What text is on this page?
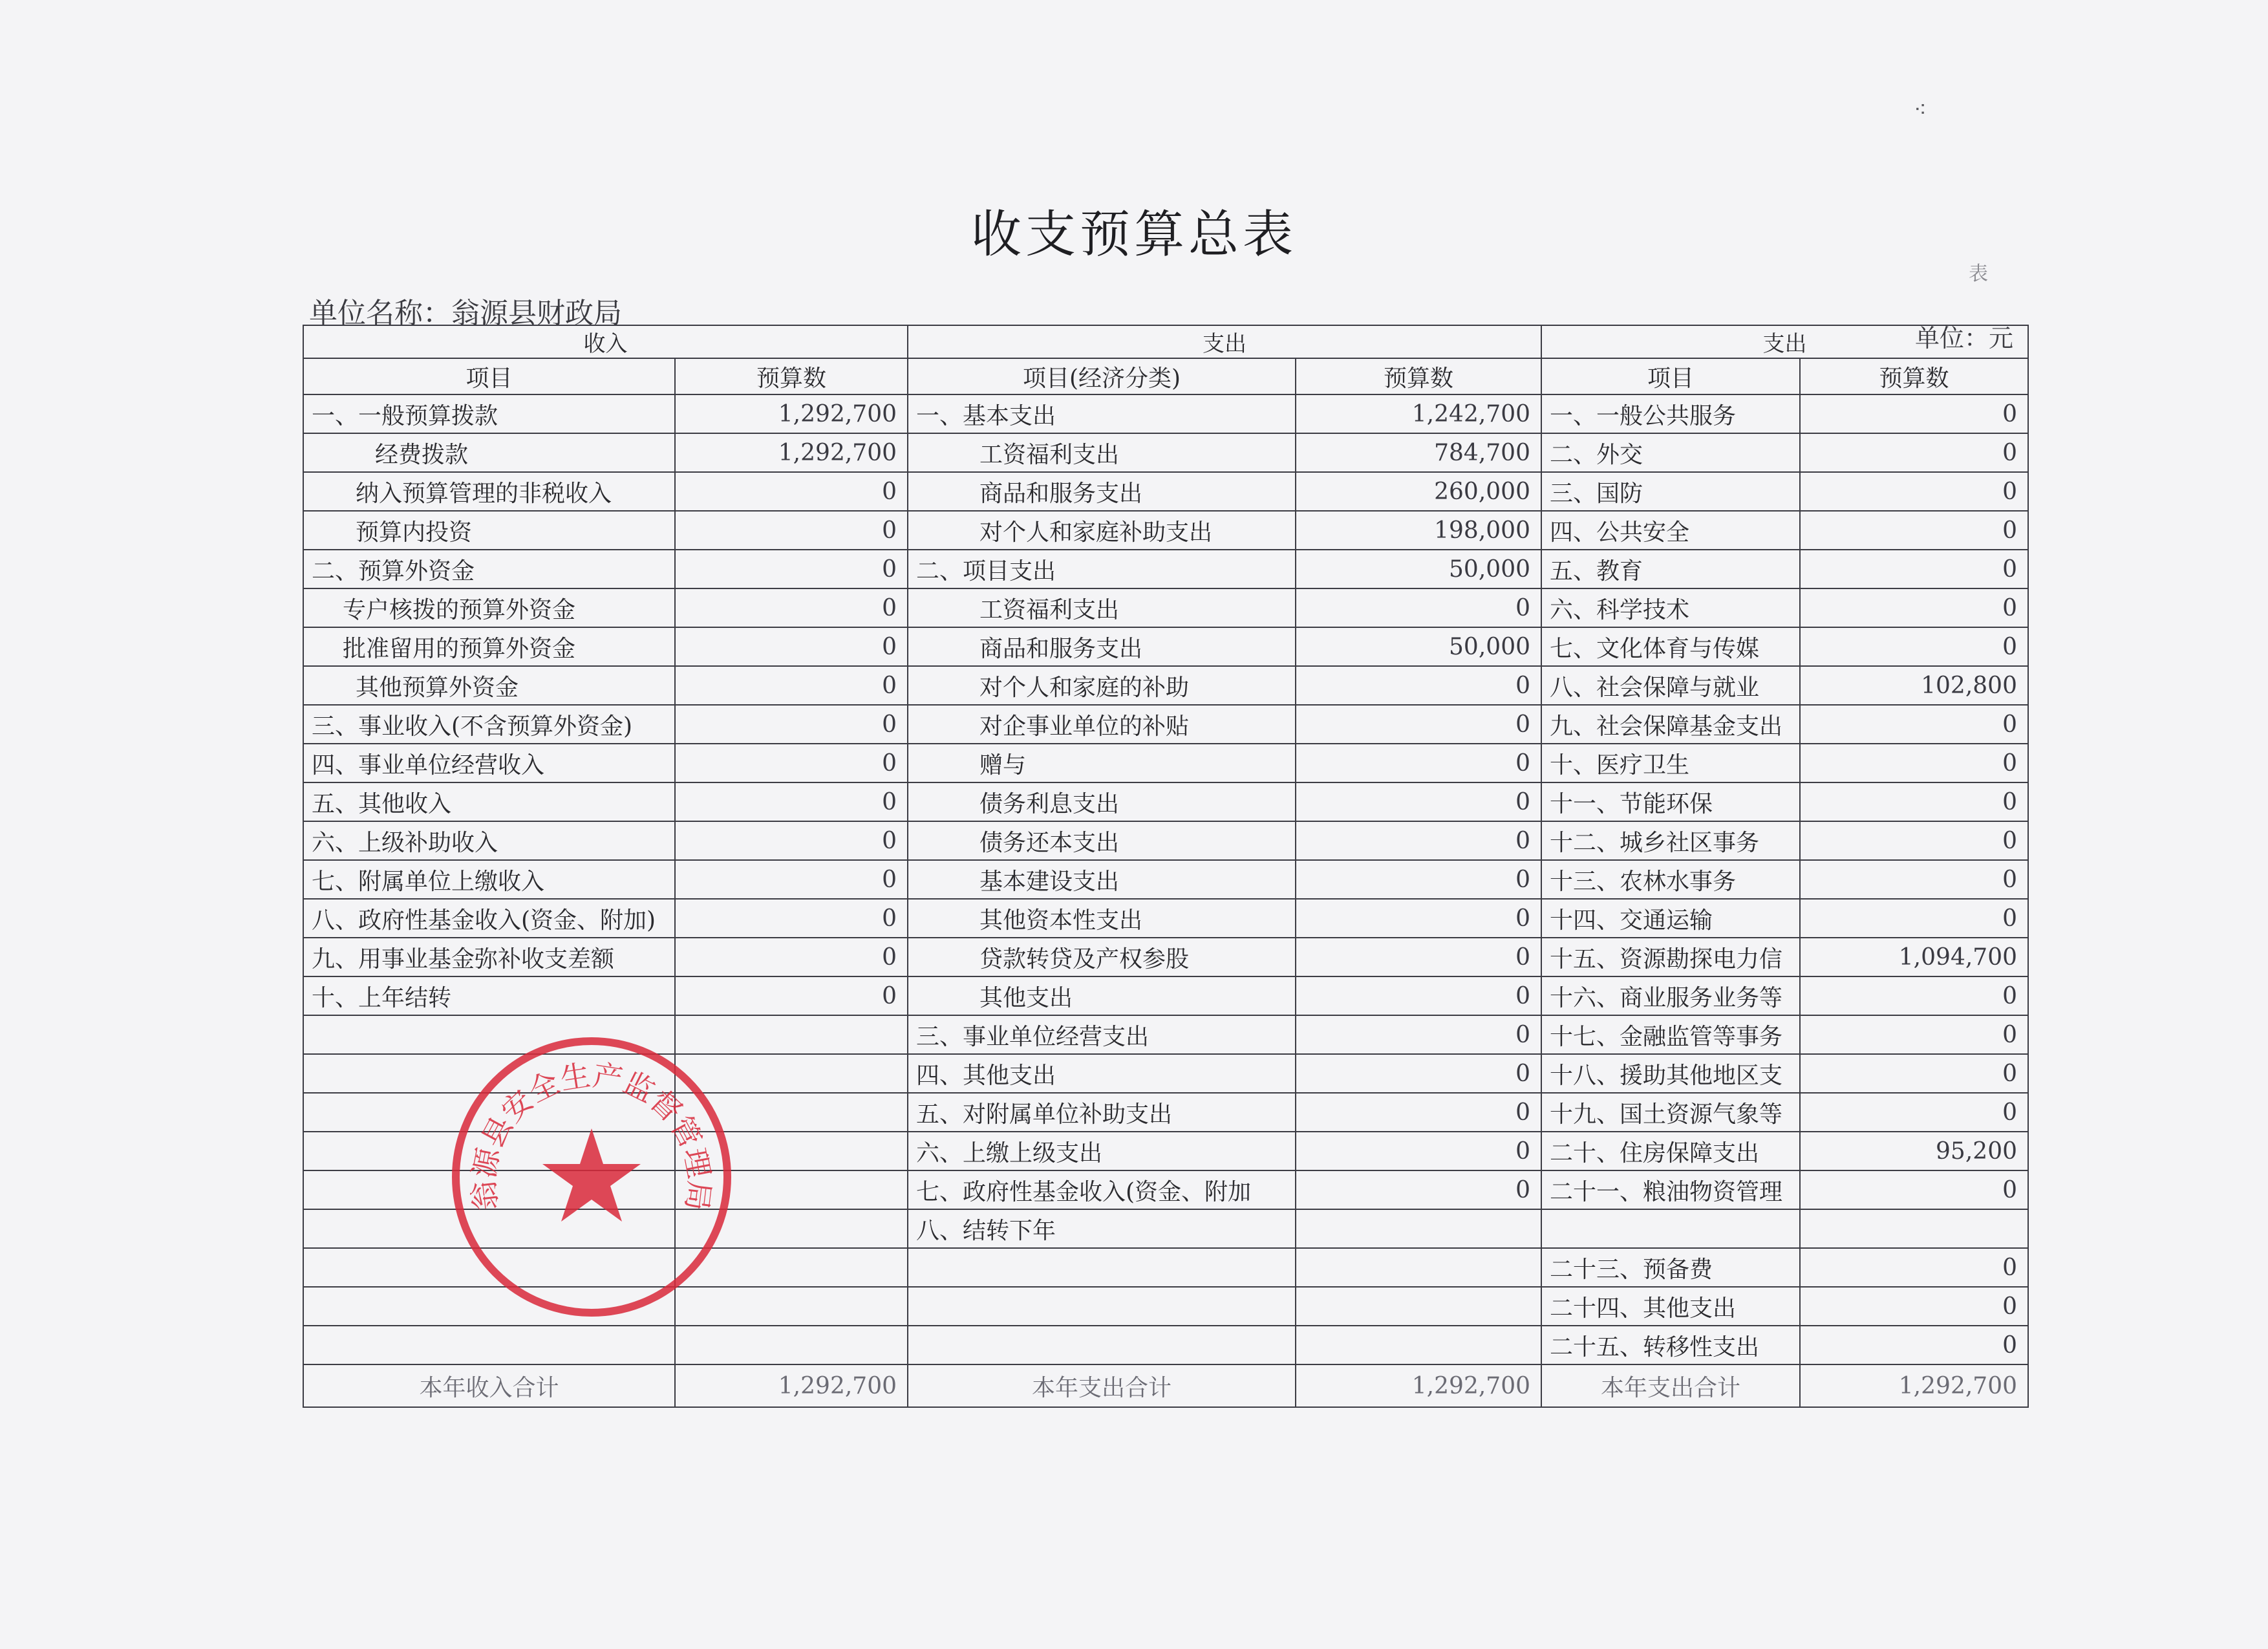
表
⁖
收支预算总表
单位名称：翁源县财政局
单位：元
收入		支出		支出	
项目	预算数	项目(经济分类)	预算数	项目	预算数
一、一般预算拨款	1,292,700	一、基本支出	1,242,700	一、一般公共服务	0
经费拨款	1,292,700	工资福利支出	784,700	二、外交	0
纳入预算管理的非税收入	0	商品和服务支出	260,000	三、国防	0
预算内投资	0	对个人和家庭补助支出	198,000	四、公共安全	0
二、预算外资金	0	二、项目支出	50,000	五、教育	0
专户核拨的预算外资金	0	工资福利支出	0	六、科学技术	0
批准留用的预算外资金	0	商品和服务支出	50,000	七、文化体育与传媒	0
其他预算外资金	0	对个人和家庭的补助	0	八、社会保障与就业	102,800
三、事业收入(不含预算外资金)	0	对企事业单位的补贴	0	九、社会保障基金支出	0
四、事业单位经营收入	0	赠与	0	十、医疗卫生	0
五、其他收入	0	债务利息支出	0	十一、节能环保	0
六、上级补助收入	0	债务还本支出	0	十二、城乡社区事务	0
七、附属单位上缴收入	0	基本建设支出	0	十三、农林水事务	0
八、政府性基金收入(资金、附加)	0	其他资本性支出	0	十四、交通运输	0
九、用事业基金弥补收支差额	0	贷款转贷及产权参股	0	十五、资源勘探电力信	1,094,700
十、上年结转	0	其他支出	0	十六、商业服务业务等	0
		三、事业单位经营支出	0	十七、金融监管等事务	0
		四、其他支出	0	十八、援助其他地区支	0
		五、对附属单位补助支出	0	十九、国土资源气象等	0
		六、上缴上级支出	0	二十、住房保障支出	95,200
		七、政府性基金收入(资金、附加	0	二十一、粮油物资管理	0
		八、结转下年			
				二十三、预备费	0
				二十四、其他支出	0
				二十五、转移性支出	0
本年收入合计	1,292,700	本年支出合计	1,292,700	本年支出合计	1,292,700
翁源县安全生产监督管理局
